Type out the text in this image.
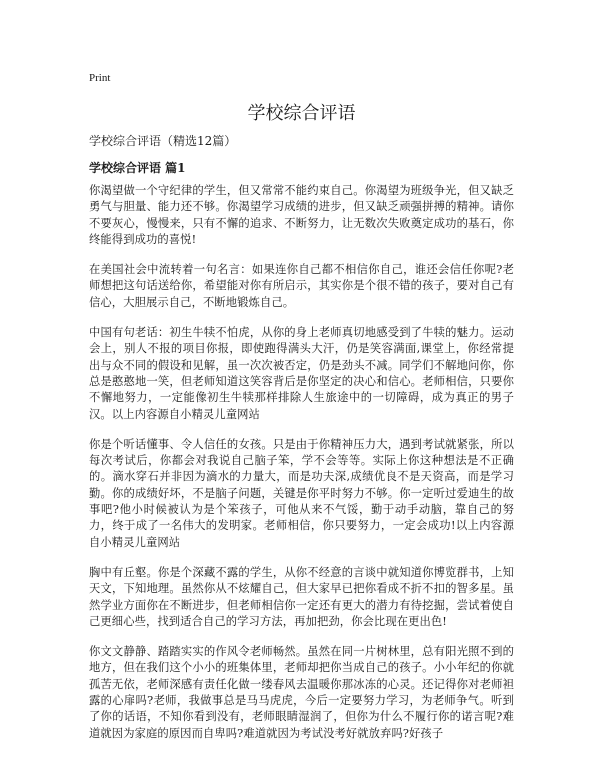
Print
学校综合评语

学校综合评语（精选12篇）

学校综合评语 篇1

你渴望做一个守纪律的学生，但又常常不能约束自己。你渴望为班级争光，但又缺乏勇气与胆量、能力还不够。你渴望学习成绩的进步，但又缺乏顽强拼搏的精神。请你不要灰心，慢慢来，只有不懈的追求、不断努力，让无数次失败奠定成功的基石，你终能得到成功的喜悦!

在美国社会中流转着一句名言：如果连你自己都不相信你自己，谁还会信任你呢?老师想把这句话送给你，希望能对你有所启示，其实你是个很不错的孩子，要对自己有信心，大胆展示自己，不断地锻炼自己。

中国有句老话：初生牛犊不怕虎，从你的身上老师真切地感受到了牛犊的魅力。运动会上，别人不报的项目你报，即使跑得满头大汗，仍是笑容满面,课堂上，你经常提出与众不同的假设和见解，虽一次次被否定，仍是劲头不减。同学们不解地问你，你总是憨憨地一笑，但老师知道这笑容背后是你坚定的决心和信心。老师相信，只要你不懈地努力，一定能像初生牛犊那样排除人生旅途中的一切障碍，成为真正的男子汉。以上内容源自小精灵儿童网站

你是个听话懂事、令人信任的女孩。只是由于你精神压力大，遇到考试就紧张，所以每次考试后，你都会对我说自己脑子笨，学不会等等。实际上你这种想法是不正确的。滴水穿石并非因为滴水的力量大，而是功夫深,成绩优良不是天资高，而是学习勤。你的成绩好坏，不是脑子问题，关键是你平时努力不够。你一定听过爱迪生的故事吧?他小时候被认为是个笨孩子，可他从来不气馁，勤于动手动脑，靠自己的努力，终于成了一名伟大的发明家。老师相信，你只要努力，一定会成功!以上内容源自小精灵儿童网站

胸中有丘壑。你是个深藏不露的学生，从你不经意的言谈中就知道你博览群书，上知天文，下知地理。虽然你从不炫耀自己，但大家早已把你看成不折不扣的智多星。虽然学业方面你在不断进步，但老师相信你一定还有更大的潜力有待挖掘，尝试着使自己更细心些，找到适合自己的学习方法，再加把劲，你会比现在更出色!

你文文静静、踏踏实实的作风令老师畅然。虽然在同一片树林里，总有阳光照不到的地方，但在我们这个小小的班集体里，老师却把你当成自己的孩子。小小年纪的你就孤苦无依，老师深感有责任化做一缕春风去温暖你那冰冻的心灵。还记得你对老师袒露的心扉吗?老师，我做事总是马马虎虎，今后一定要努力学习，为老师争气。听到了你的话语，不知你看到没有，老师眼睛湿润了，但你为什么不履行你的诺言呢?难道就因为家庭的原因而自卑吗?难道就因为考试没考好就放弃吗?好孩子
